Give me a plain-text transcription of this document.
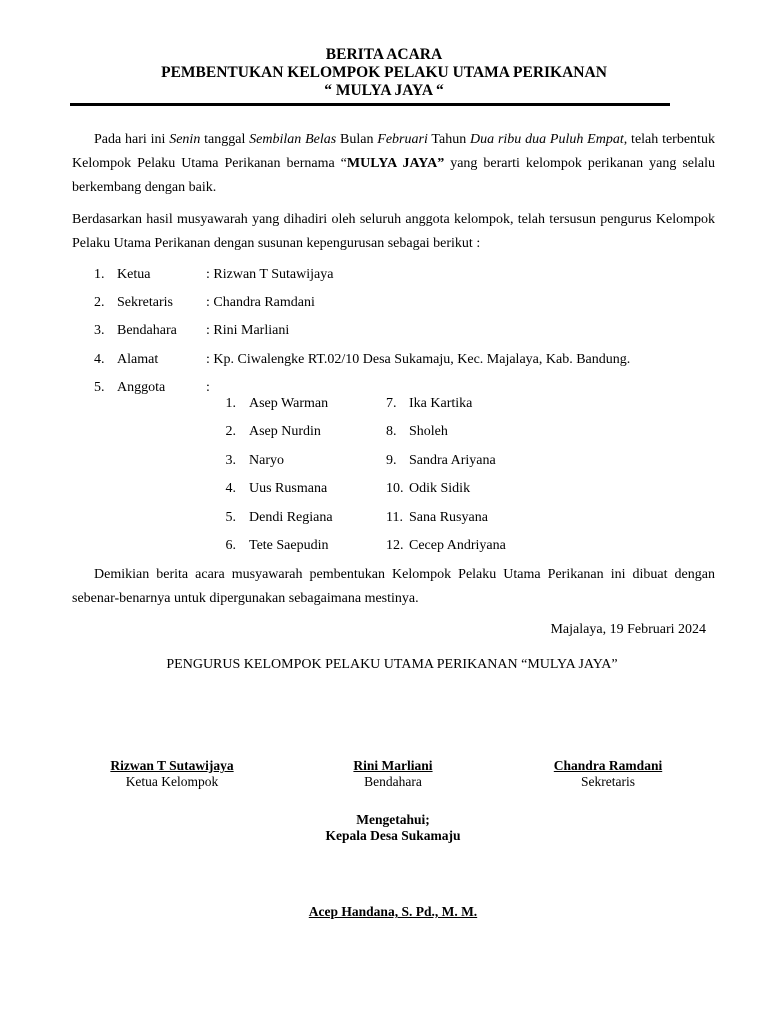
BERITA ACARA
PEMBENTUKAN KELOMPOK PELAKU UTAMA PERIKANAN
“ MULYA JAYA “
Pada hari ini Senin tanggal Sembilan Belas Bulan Februari Tahun Dua ribu dua Puluh Empat, telah terbentuk Kelompok Pelaku Utama Perikanan bernama “MULYA JAYA” yang berarti kelompok perikanan yang selalu berkembang dengan baik.
Berdasarkan hasil musyawarah yang dihadiri oleh seluruh anggota kelompok, telah tersusun pengurus Kelompok Pelaku Utama Perikanan dengan susunan kepengurusan sebagai berikut :
1. Ketua	: Rizwan T Sutawijaya
2. Sekretaris : Chandra Ramdani
3. Bendahara : Rini Marliani
4. Alamat	: Kp. Ciwalengke RT.02/10 Desa Sukamaju, Kec. Majalaya, Kab. Bandung.
5. Anggota	:
1. Asep Warman
2. Asep Nurdin
3. Naryo
4. Uus Rusmana
5. Dendi Regiana
6. Tete Saepudin
7. Ika Kartika
8. Sholeh
9. Sandra Ariyana
10. Odik Sidik
11. Sana Rusyana
12. Cecep Andriyana
Demikian berita acara musyawarah pembentukan Kelompok Pelaku Utama Perikanan ini dibuat dengan sebenar-benarnya untuk dipergunakan sebagaimana mestinya.
Majalaya, 19 Februari 2024
PENGURUS KELOMPOK PELAKU UTAMA PERIKANAN “MULYA JAYA”
Rizwan T Sutawijaya
Ketua Kelompok
Rini Marliani
Bendahara
Chandra Ramdani
Sekretaris
Mengetahui;
Kepala Desa Sukamaju
Acep Handana, S. Pd., M. M.
